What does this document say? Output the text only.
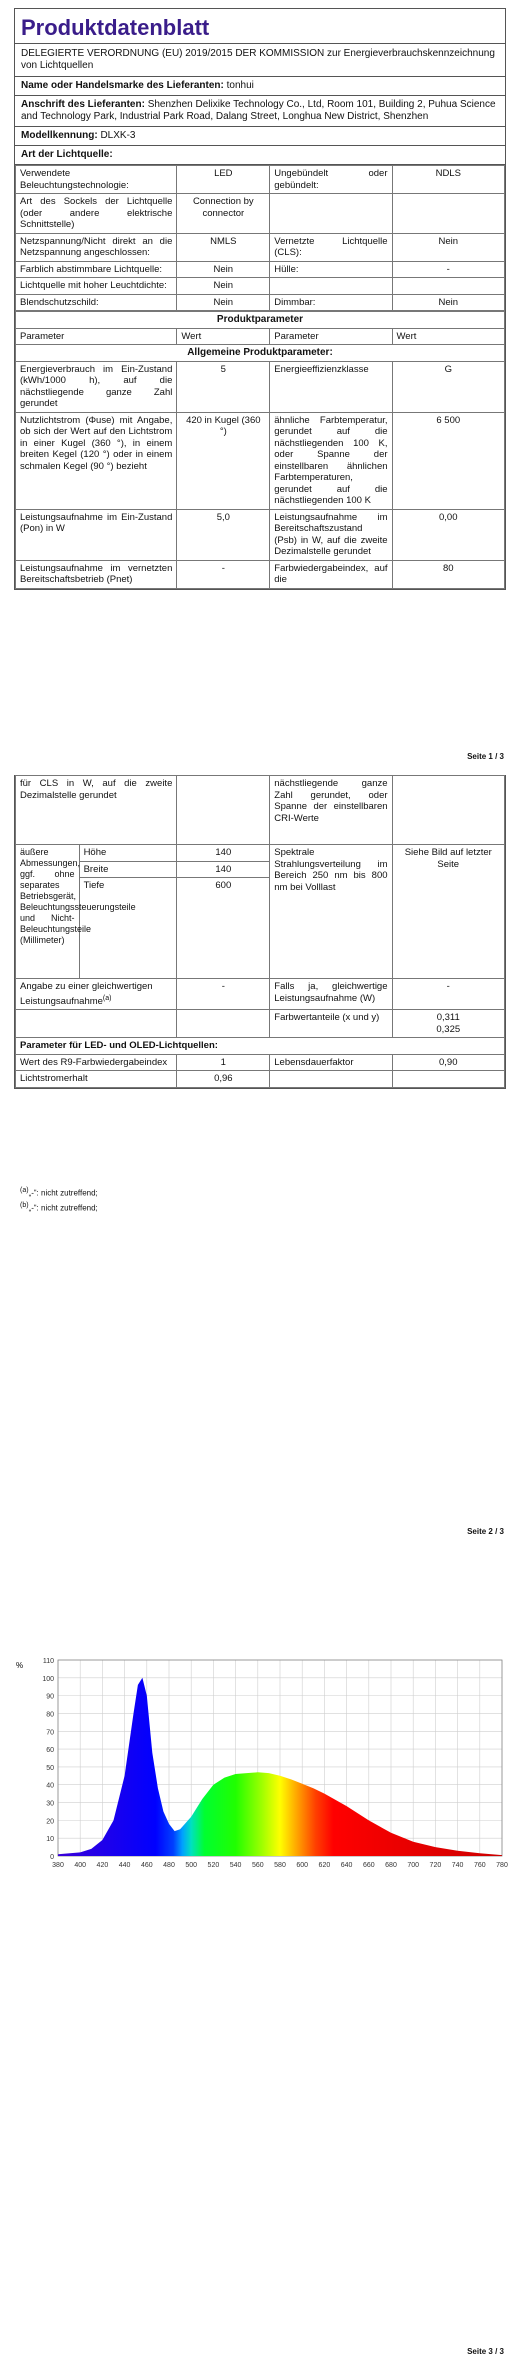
Produktdatenblatt
DELEGIERTE VERORDNUNG (EU) 2019/2015 DER KOMMISSION zur Energieverbrauchskennzeichnung von Lichtquellen
Name oder Handelsmarke des Lieferanten: tonhui
Anschrift des Lieferanten: Shenzhen Delixike Technology Co., Ltd, Room 101, Building 2, Puhua Science and Technology Park, Industrial Park Road, Dalang Street, Longhua New District, Shenzhen
Modellkennung: DLXK-3
Art der Lichtquelle:
Verwendete Beleuchtungstechnologie:	LED	Ungebündelt oder gebündelt:	NDLS
Art des Sockels der Lichtquelle (oder andere elektrische Schnittstelle)	Connection by connector		
Netzspannung/Nicht direkt an die Netzspannung angeschlossen:	NMLS	Vernetzte Lichtquelle (CLS):	Nein
Farblich abstimmbare Lichtquelle:	Nein	Hülle:	-
Lichtquelle mit hoher Leuchtdichte:	Nein		
Blendschutzschild:	Nein	Dimmbar:	Nein
Produktparameter			
Parameter	Wert	Parameter	Wert
Allgemeine Produktparameter:			
Energieverbrauch im Ein-Zustand (kWh/1000 h), auf die nächstliegende ganze Zahl gerundet	5	Energieeffizienzklasse	G
Nutzlichtstrom (Φuse) mit Angabe, ob sich der Wert auf den Lichtstrom in einer Kugel (360 °), in einem breiten Kegel (120 °) oder in einem schmalen Kegel (90 °) bezieht	420 in Kugel (360 °)	ähnliche Farbtemperatur, gerundet auf die nächstliegenden 100 K, oder Spanne der einstellbaren ähnlichen Farbtemperaturen, gerundet auf die nächstliegenden 100 K	6 500
Leistungsaufnahme im Ein-Zustand (Pon) in W	5,0	Leistungsaufnahme im Bereitschaftszustand (Psb) in W, auf die zweite Dezimalstelle gerundet	0,00
Leistungsaufnahme im vernetzten Bereitschaftsbetrieb (Pnet)	-	Farbwiedergabeindex, auf die	80
Seite 1 / 3
für CLS in W, auf die zweite Dezimalstelle gerundet			nächstliegende ganze Zahl gerundet, oder Spanne der einstellbaren CRI-Werte	
äußere Abmessungen, ggf. ohne separates Betriebsgerät, Beleuchtungssteuerungsteile und Nicht-Beleuchtungsteile (Millimeter)	Höhe	140	Spektrale Strahlungsverteilung im Bereich 250 nm bis 800 nm bei Volllast	Siehe Bild auf letzter Seite
	Breite	140		
	Tiefe	600		
Angabe zu einer gleichwertigen Leistungsaufnahme$^{(a)}$		-	Falls ja, gleichwertige Leistungsaufnahme (W)	-
			Farbwertanteile (x und y)	0,311
0,325

Parameter für LED- und OLED-Lichtquellen:				
Wert des R9-Farbwiedergabeindex		1	Lebensdauerfaktor	0,90
Lichtstromerhalt		0,96		
$^{(a)}$„-“: nicht zutreffend;
$^{(b)}$„-“: nicht zutreffend;
Seite 2 / 3
%
0
10
20
30
40
50
60
70
80
90
100
110
380 400 420 440 460 480 500 520 540 560 580 600 620 640 660 680 700 720 740 760 780
Seite 3 / 3
